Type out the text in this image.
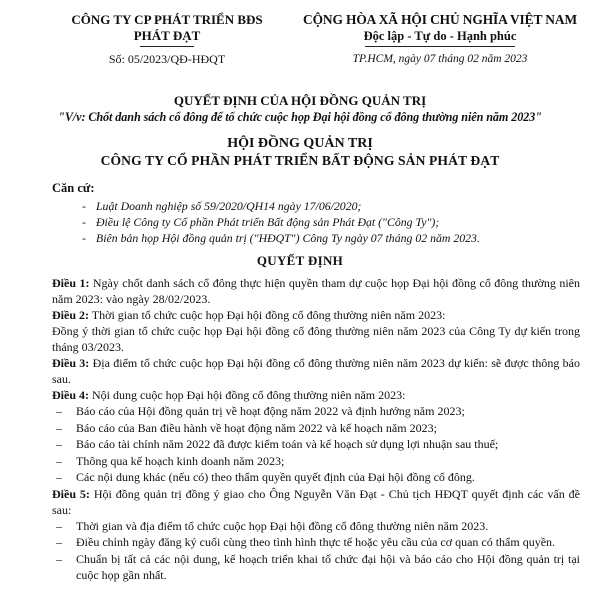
CÔNG TY CP PHÁT TRIỂN BĐS
PHÁT ĐẠT
Số: 05/2023/QĐ-HĐQT
CỘNG HÒA XÃ HỘI CHỦ NGHĨA VIỆT NAM
Độc lập - Tự do - Hạnh phúc
TP.HCM, ngày 07 tháng 02 năm 2023
QUYẾT ĐỊNH CỦA HỘI ĐỒNG QUẢN TRỊ
"V/v: Chốt danh sách cổ đông để tổ chức cuộc họp Đại hội đồng cổ đông thường niên năm 2023"
HỘI ĐỒNG QUẢN TRỊ
CÔNG TY CỔ PHẦN PHÁT TRIỂN BẤT ĐỘNG SẢN PHÁT ĐẠT
Căn cứ:
- Luật Doanh nghiệp số 59/2020/QH14 ngày 17/06/2020;
- Điều lệ Công ty Cổ phần Phát triển Bất động sản Phát Đạt ("Công Ty");
- Biên bản họp Hội đồng quản trị ("HĐQT") Công Ty ngày 07 tháng 02 năm 2023.
QUYẾT ĐỊNH

Điều 1: Ngày chốt danh sách cổ đông thực hiện quyền tham dự cuộc họp Đại hội đồng cổ đông thường niên năm 2023: vào ngày 28/02/2023.

Điều 2: Thời gian tổ chức cuộc họp Đại hội đồng cổ đông thường niên năm 2023:

Đồng ý thời gian tổ chức cuộc họp Đại hội đồng cổ đông thường niên năm 2023 của Công Ty dự kiến trong tháng 03/2023.

Điều 3: Địa điểm tổ chức cuộc họp Đại hội đồng cổ đông thường niên năm 2023 dự kiến: sẽ được thông báo sau.

Điều 4: Nội dung cuộc họp Đại hội đồng cổ đông thường niên năm 2023:

– Báo cáo của Hội đồng quản trị về hoạt động năm 2022 và định hướng năm 2023;
– Báo cáo của Ban điều hành về hoạt động năm 2022 và kế hoạch năm 2023;
– Báo cáo tài chính năm 2022 đã được kiểm toán và kế hoạch sử dụng lợi nhuận sau thuế;
– Thông qua kế hoạch kinh doanh năm 2023;
– Các nội dung khác (nếu có) theo thẩm quyền quyết định của Đại hội đồng cổ đông.

Điều 5: Hội đồng quản trị đồng ý giao cho Ông Nguyễn Văn Đạt - Chủ tịch HĐQT quyết định các vấn đề sau:

– Thời gian và địa điểm tổ chức cuộc họp Đại hội đồng cổ đông thường niên năm 2023.
– Điều chỉnh ngày đăng ký cuối cùng theo tình hình thực tế hoặc yêu cầu của cơ quan có thẩm quyền.
– Chuẩn bị tất cả các nội dung, kế hoạch triển khai tổ chức đại hội và báo cáo cho Hội đồng quản trị tại cuộc họp gần nhất.
